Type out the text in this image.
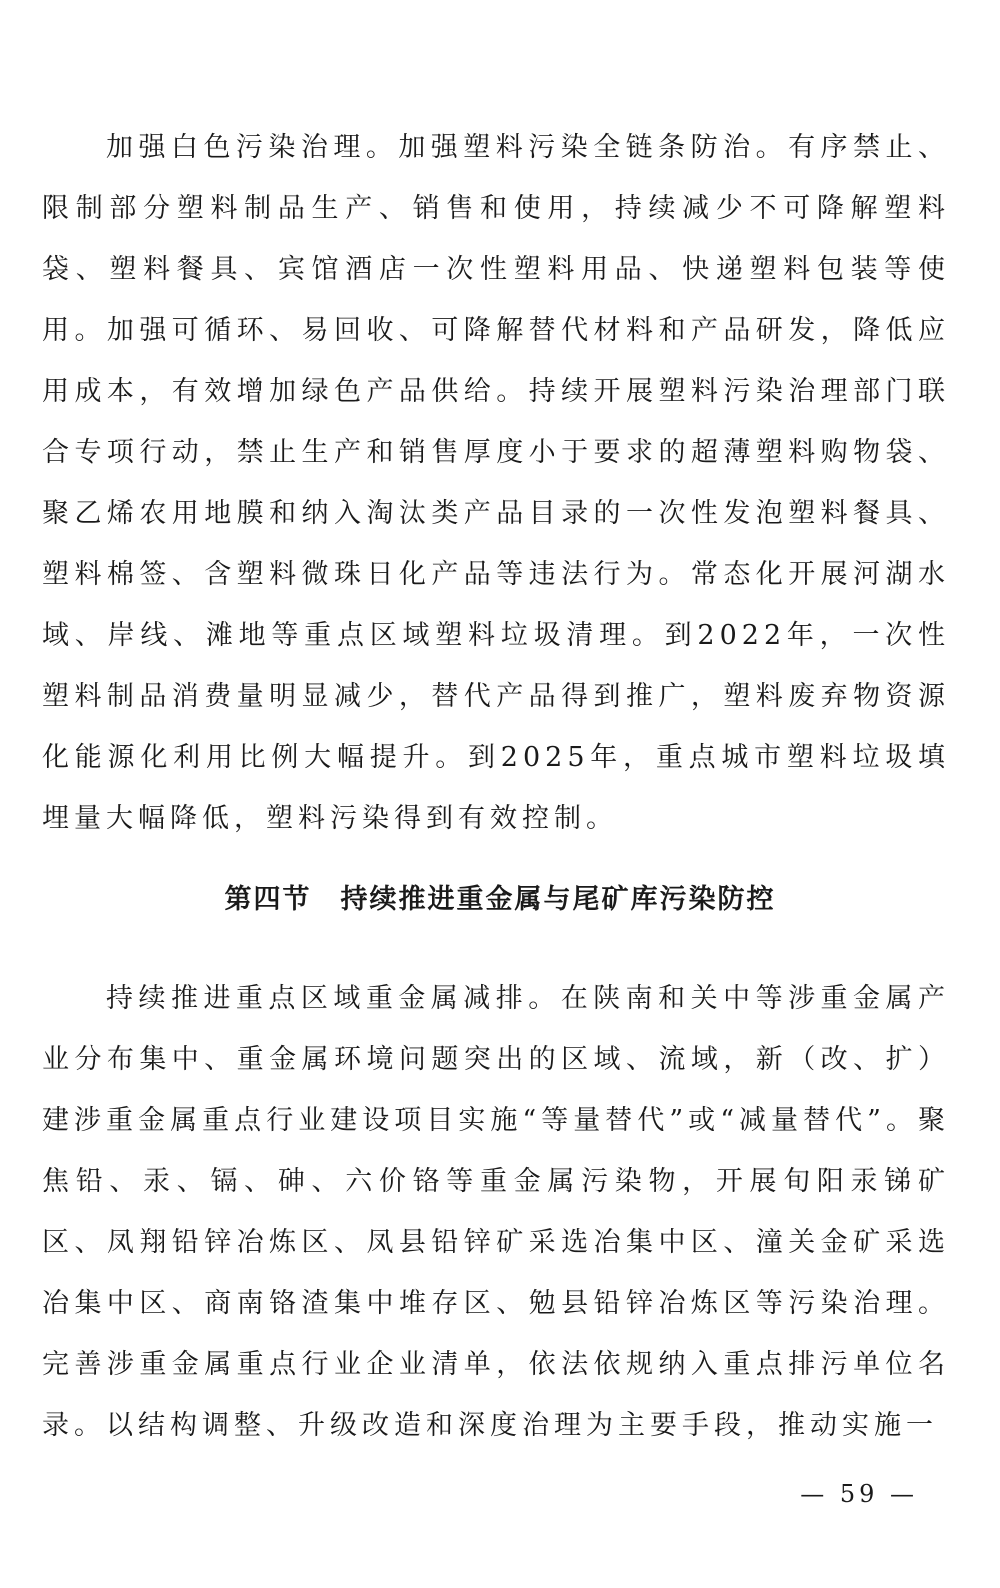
加强白色污染治理。加强塑料污染全链条防治。有序禁止、限制部分塑料制品生产、销售和使用，持续减少不可降解塑料袋、塑料餐具、宾馆酒店一次性塑料用品、快递塑料包装等使用。加强可循环、易回收、可降解替代材料和产品研发，降低应用成本，有效增加绿色产品供给。持续开展塑料污染治理部门联合专项行动，禁止生产和销售厚度小于要求的超薄塑料购物袋、聚乙烯农用地膜和纳入淘汰类产品目录的一次性发泡塑料餐具、塑料棉签、含塑料微珠日化产品等违法行为。常态化开展河湖水域、岸线、滩地等重点区域塑料垃圾清理。到2022年，一次性塑料制品消费量明显减少，替代产品得到推广，塑料废弃物资源化能源化利用比例大幅提升。到2025年，重点城市塑料垃圾填埋量大幅降低，塑料污染得到有效控制。

第四节　持续推进重金属与尾矿库污染防控

持续推进重点区域重金属减排。在陕南和关中等涉重金属产业分布集中、重金属环境问题突出的区域、流域，新（改、扩）建涉重金属重点行业建设项目实施“等量替代”或“减量替代”。聚焦铅、汞、镉、砷、六价铬等重金属污染物，开展旬阳汞锑矿区、凤翔铅锌冶炼区、凤县铅锌矿采选冶集中区、潼关金矿采选冶集中区、商南铬渣集中堆存区、勉县铅锌冶炼区等污染治理。完善涉重金属重点行业企业清单，依法依规纳入重点排污单位名录。以结构调整、升级改造和深度治理为主要手段，推动实施一

— 59 —
